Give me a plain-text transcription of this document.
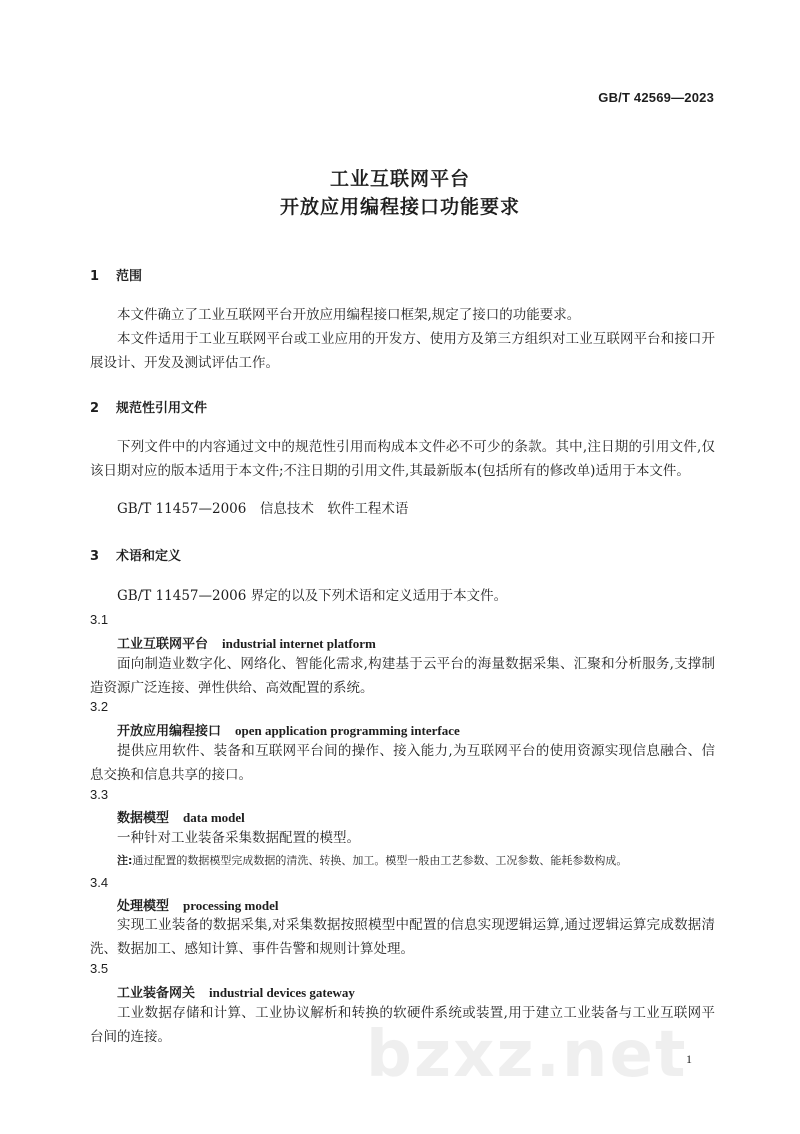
GB/T 42569—2023
工业互联网平台
开放应用编程接口功能要求
1 范围
本文件确立了工业互联网平台开放应用编程接口框架,规定了接口的功能要求。
本文件适用于工业互联网平台或工业应用的开发方、使用方及第三方组织对工业互联网平台和接口开展设计、开发及测试评估工作。
2 规范性引用文件
下列文件中的内容通过文中的规范性引用而构成本文件必不可少的条款。其中,注日期的引用文件,仅该日期对应的版本适用于本文件;不注日期的引用文件,其最新版本(包括所有的修改单)适用于本文件。
GB/T 11457—2006　信息技术　软件工程术语
3 术语和定义
GB/T 11457—2006 界定的以及下列术语和定义适用于本文件。
3.1
工业互联网平台 industrial internet platform
面向制造业数字化、网络化、智能化需求,构建基于云平台的海量数据采集、汇聚和分析服务,支撑制造资源广泛连接、弹性供给、高效配置的系统。
3.2
开放应用编程接口 open application programming interface
提供应用软件、装备和互联网平台间的操作、接入能力,为互联网平台的使用资源实现信息融合、信息交换和信息共享的接口。
3.3
数据模型 data model
一种针对工业装备采集数据配置的模型。
注:通过配置的数据模型完成数据的清洗、转换、加工。模型一般由工艺参数、工况参数、能耗参数构成。
3.4
处理模型 processing model
实现工业装备的数据采集,对采集数据按照模型中配置的信息实现逻辑运算,通过逻辑运算完成数据清洗、数据加工、感知计算、事件告警和规则计算处理。
3.5
工业装备网关 industrial devices gateway
工业数据存储和计算、工业协议解析和转换的软硬件系统或装置,用于建立工业装备与工业互联网平台间的连接。	bzxz.net
1
